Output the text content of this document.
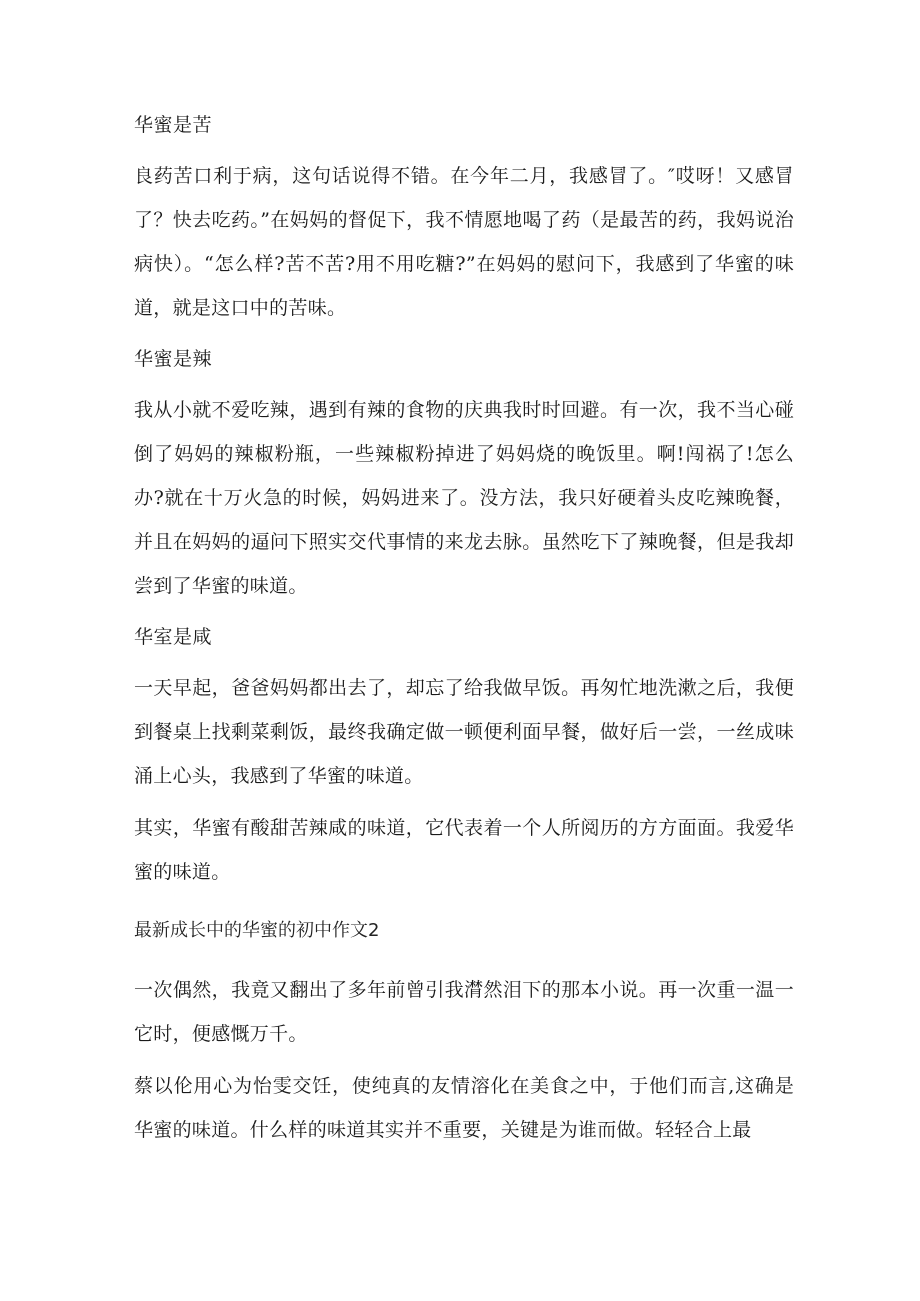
华蜜是苦

良药苦口利于病，这句话说得不错。在今年二月，我感冒了。″哎呀！又感冒了？快去吃药。”在妈妈的督促下，我不情愿地喝了药（是最苦的药，我妈说治病快）。“怎么样?苦不苦?用不用吃糖?”在妈妈的慰问下，我感到了华蜜的味道，就是这口中的苦味。

华蜜是辣

我从小就不爱吃辣，遇到有辣的食物的庆典我时时回避。有一次，我不当心碰倒了妈妈的辣椒粉瓶，一些辣椒粉掉进了妈妈烧的晚饭里。啊!闯祸了!怎么办?就在十万火急的时候，妈妈进来了。没方法，我只好硬着头皮吃辣晚餐，并且在妈妈的逼问下照实交代事情的来龙去脉。虽然吃下了辣晚餐，但是我却尝到了华蜜的味道。

华室是咸

一天早起，爸爸妈妈都出去了，却忘了给我做早饭。再匆忙地洗漱之后，我便到餐桌上找剩菜剩饭，最终我确定做一顿便利面早餐，做好后一尝，一丝成味涌上心头，我感到了华蜜的味道。

其实，华蜜有酸甜苦辣咸的味道，它代表着一个人所阅历的方方面面。我爱华蜜的味道。

最新成长中的华蜜的初中作文2

一次偶然，我竟又翻出了多年前曾引我潸然泪下的那本小说。再一次重一温一它时，便感慨万千。

蔡以伦用心为怡雯交饪，使纯真的友情溶化在美食之中，于他们而言,这确是华蜜的味道。什么样的味道其实并不重要，关键是为谁而做。轻轻合上最
